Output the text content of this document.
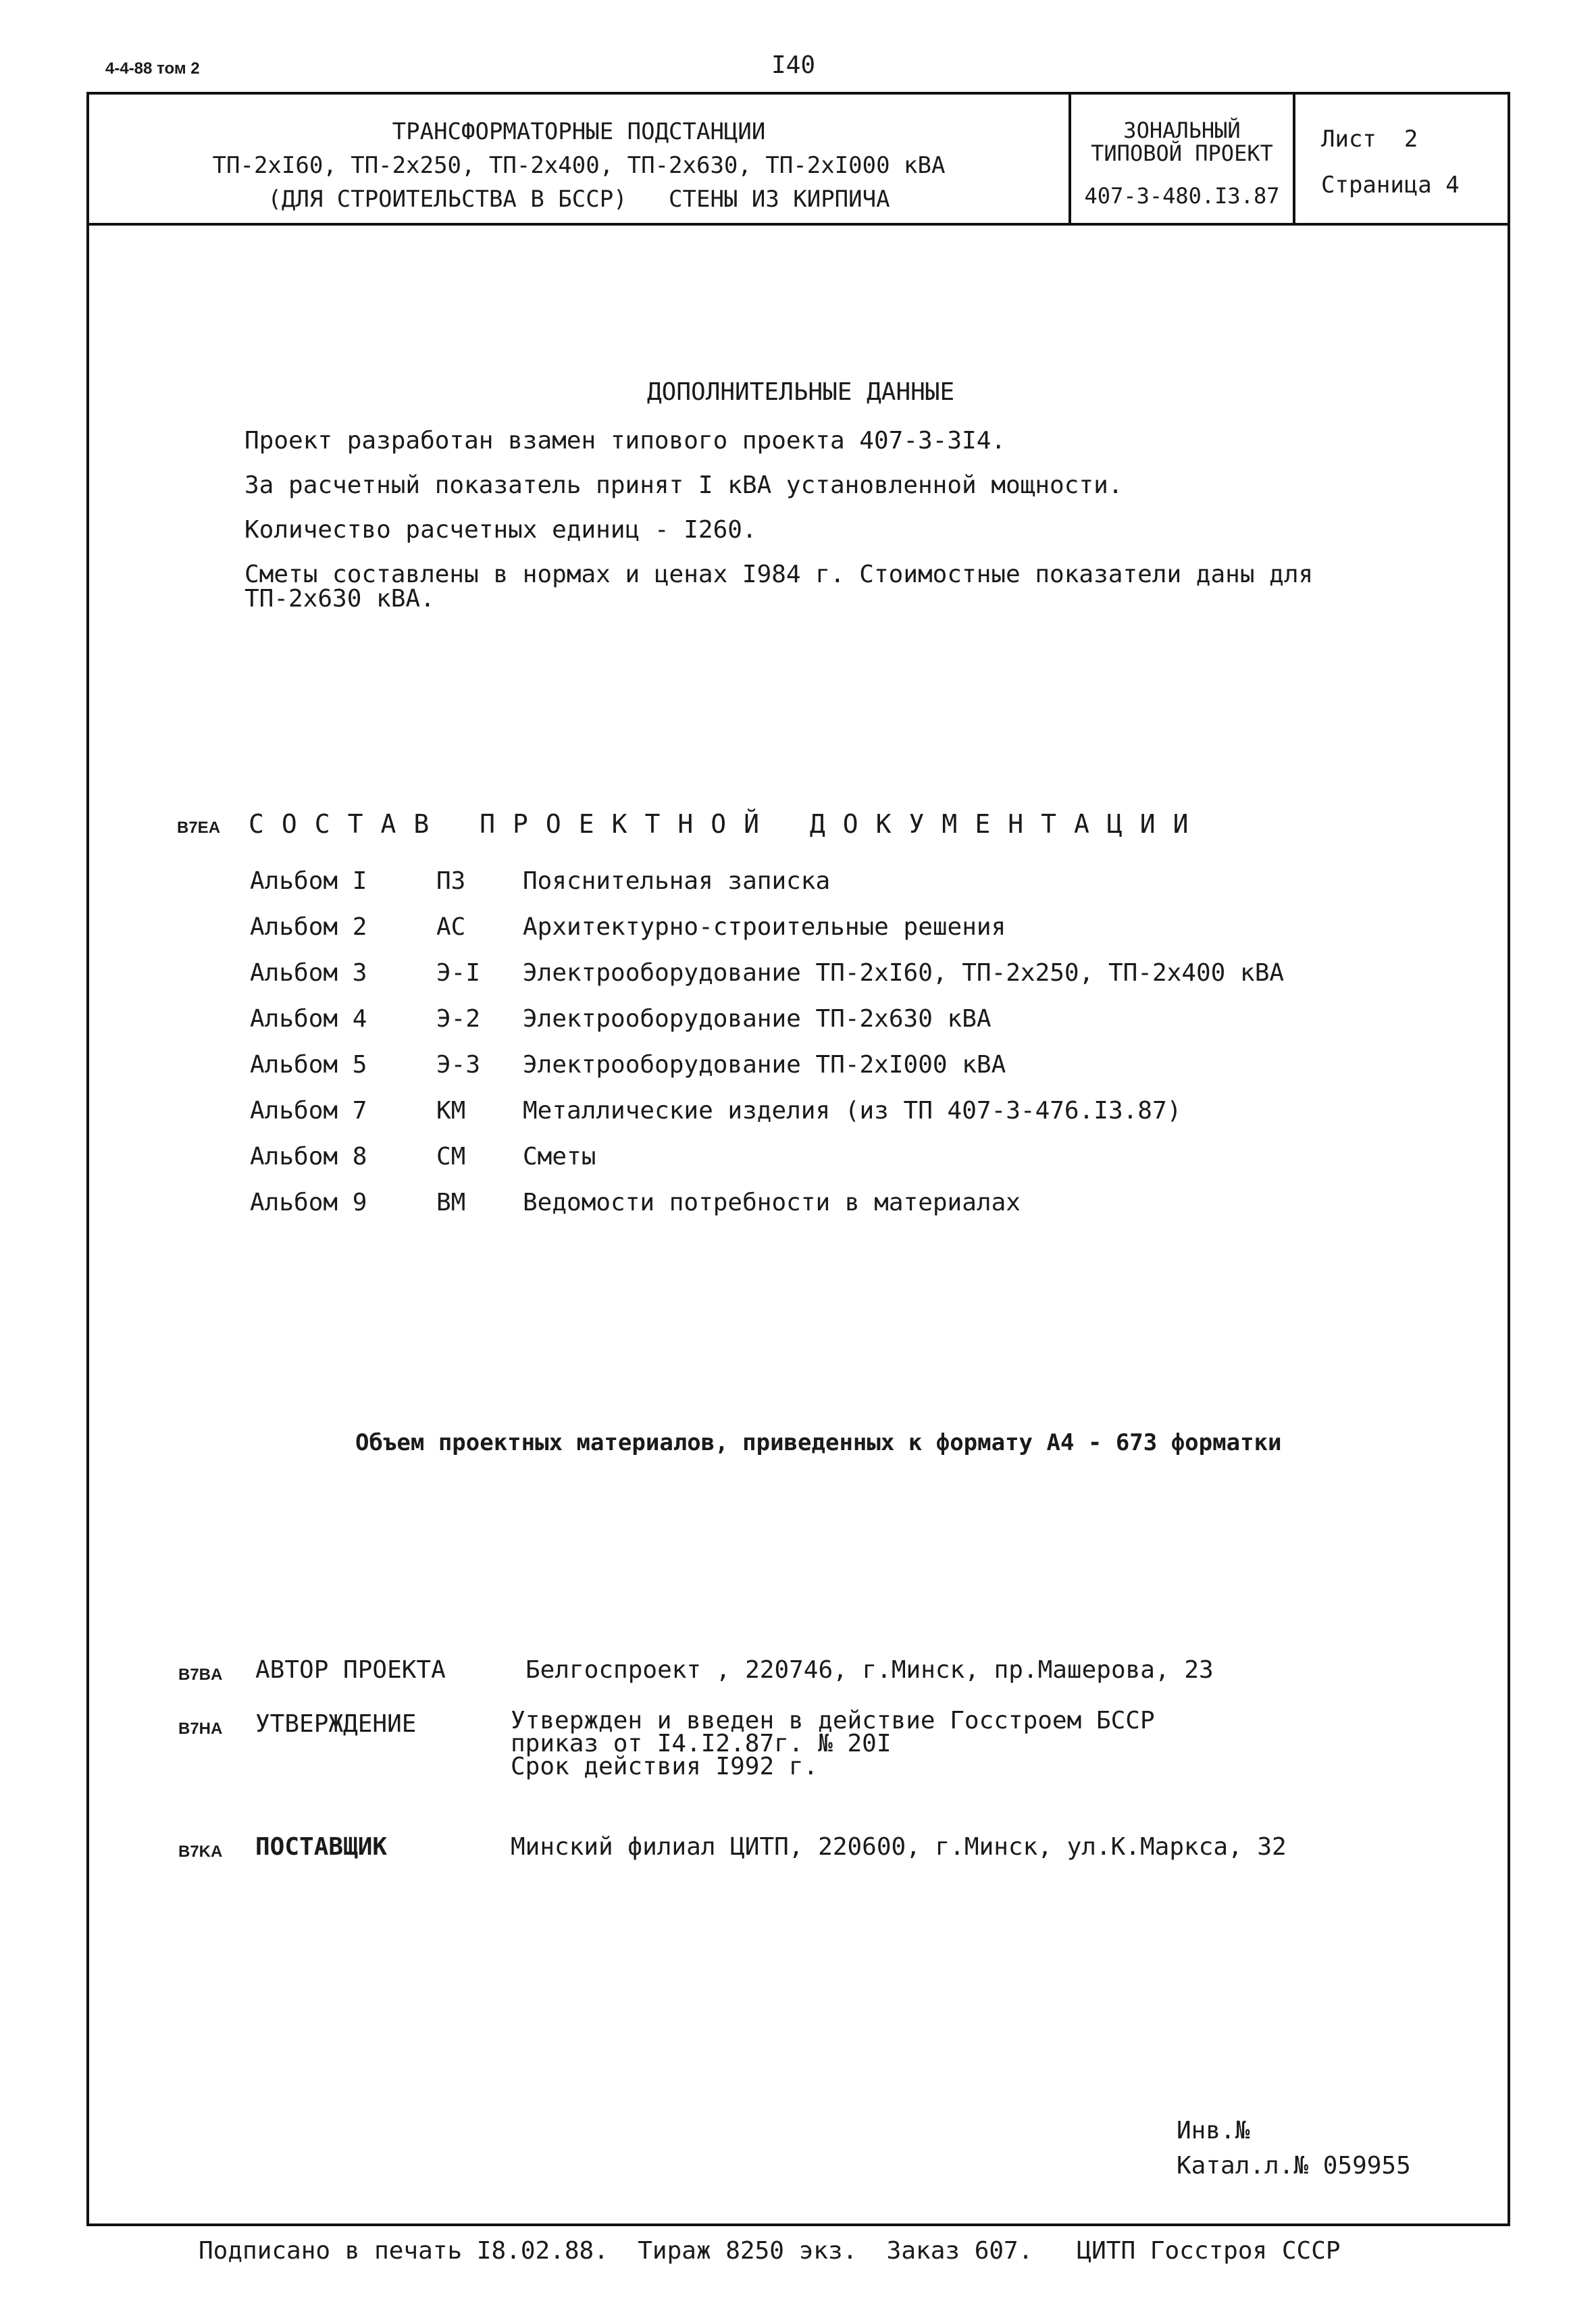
4-4-88 том 2	I40
ТРАНСФОРМАТОРНЫЕ ПОДСТАНЦИИ
ТП-2хI60, ТП-2х250, ТП-2х400, ТП-2х630, ТП-2хI000 кВА
(ДЛЯ СТРОИТЕЛЬСТВА В БССР)   СТЕНЫ ИЗ КИРПИЧА
ЗОНАЛЬНЫЙ
ТИПОВОЙ ПРОЕКТ
407-3-480.I3.87
Лист  2
Страница 4
ДОПОЛНИТЕЛЬНЫЕ ДАННЫЕ
Проект разработан взамен типового проекта 407-3-3I4.
За расчетный показатель принят I кВА установленной мощности.
Количество расчетных единиц - I260.
Сметы составлены в нормах и ценах I984 г. Стоимостные показатели даны для
ТП-2х630 кВА.
B7EA СОСТАВ ПРОЕКТНОЙ ДОКУМЕНТАЦИИ
Альбом I	ПЗ Пояснительная записка
Альбом 2	АС Архитектурно-строительные решения
Альбом 3	Э-I Электрооборудование ТП-2хI60, ТП-2х250, ТП-2х400 кВА
Альбом 4	Э-2 Электрооборудование ТП-2х630 кВА
Альбом 5	Э-3 Электрооборудование ТП-2хI000 кВА
Альбом 7	КМ Металлические изделия (из ТП 407-3-476.I3.87)
Альбом 8	СМ Сметы
Альбом 9	ВМ Ведомости потребности в материалах
Объем проектных материалов, приведенных к формату А4 - 673 форматки
B7BA АВТОР ПРОЕКТА	Белгоспроект , 220746, г.Минск, пр.Машерова, 23
B7HA УТВЕРЖДЕНИЕ	Утвержден и введен в действие Госстроем БССР
приказ от I4.I2.87г. № 20I
Срок действия I992 г.
B7KA ПОСТАВЩИК	Минский филиал ЦИТП, 220600, г.Минск, ул.К.Маркса, 32
Инв.№
Катал.л.№ 059955
Подписано в печать I8.02.88.  Тираж 8250 экз.  Заказ 607.   ЦИТП Госстроя СССР
